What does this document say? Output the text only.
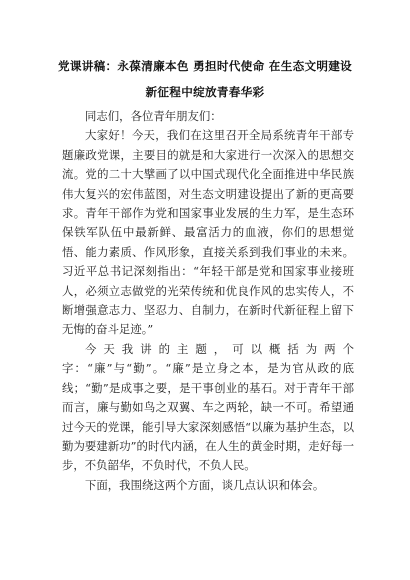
党课讲稿：永葆清廉本色 勇担时代使命 在生态文明建设
新征程中绽放青春华彩

同志们，各位青年朋友们：

大家好！今天，我们在这里召开全局系统青年干部专题廉政党课，主要目的就是和大家进行一次深入的思想交流。党的二十大擘画了以中国式现代化全面推进中华民族伟大复兴的宏伟蓝图，对生态文明建设提出了新的更高要求。青年干部作为党和国家事业发展的生力军，是生态环保铁军队伍中最新鲜、最富活力的血液，你们的思想觉悟、能力素质、作风形象，直接关系到我们事业的未来。习近平总书记深刻指出：“年轻干部是党和国家事业接班人，必须立志做党的光荣传统和优良作风的忠实传人，不断增强意志力、坚忍力、自制力，在新时代新征程上留下无悔的奋斗足迹。”

今天我讲的主题，可以概括为两个字：“廉”与“勤”。“廉”是立身之本，是为官从政的底线；“勤”是成事之要，是干事创业的基石。对于青年干部而言，廉与勤如鸟之双翼、车之两轮，缺一不可。希望通过今天的党课，能引导大家深刻感悟“以廉为基护生态，以勤为要建新功”的时代内涵，在人生的黄金时期，走好每一步，不负韶华，不负时代，不负人民。

下面，我围绕这两个方面，谈几点认识和体会。
